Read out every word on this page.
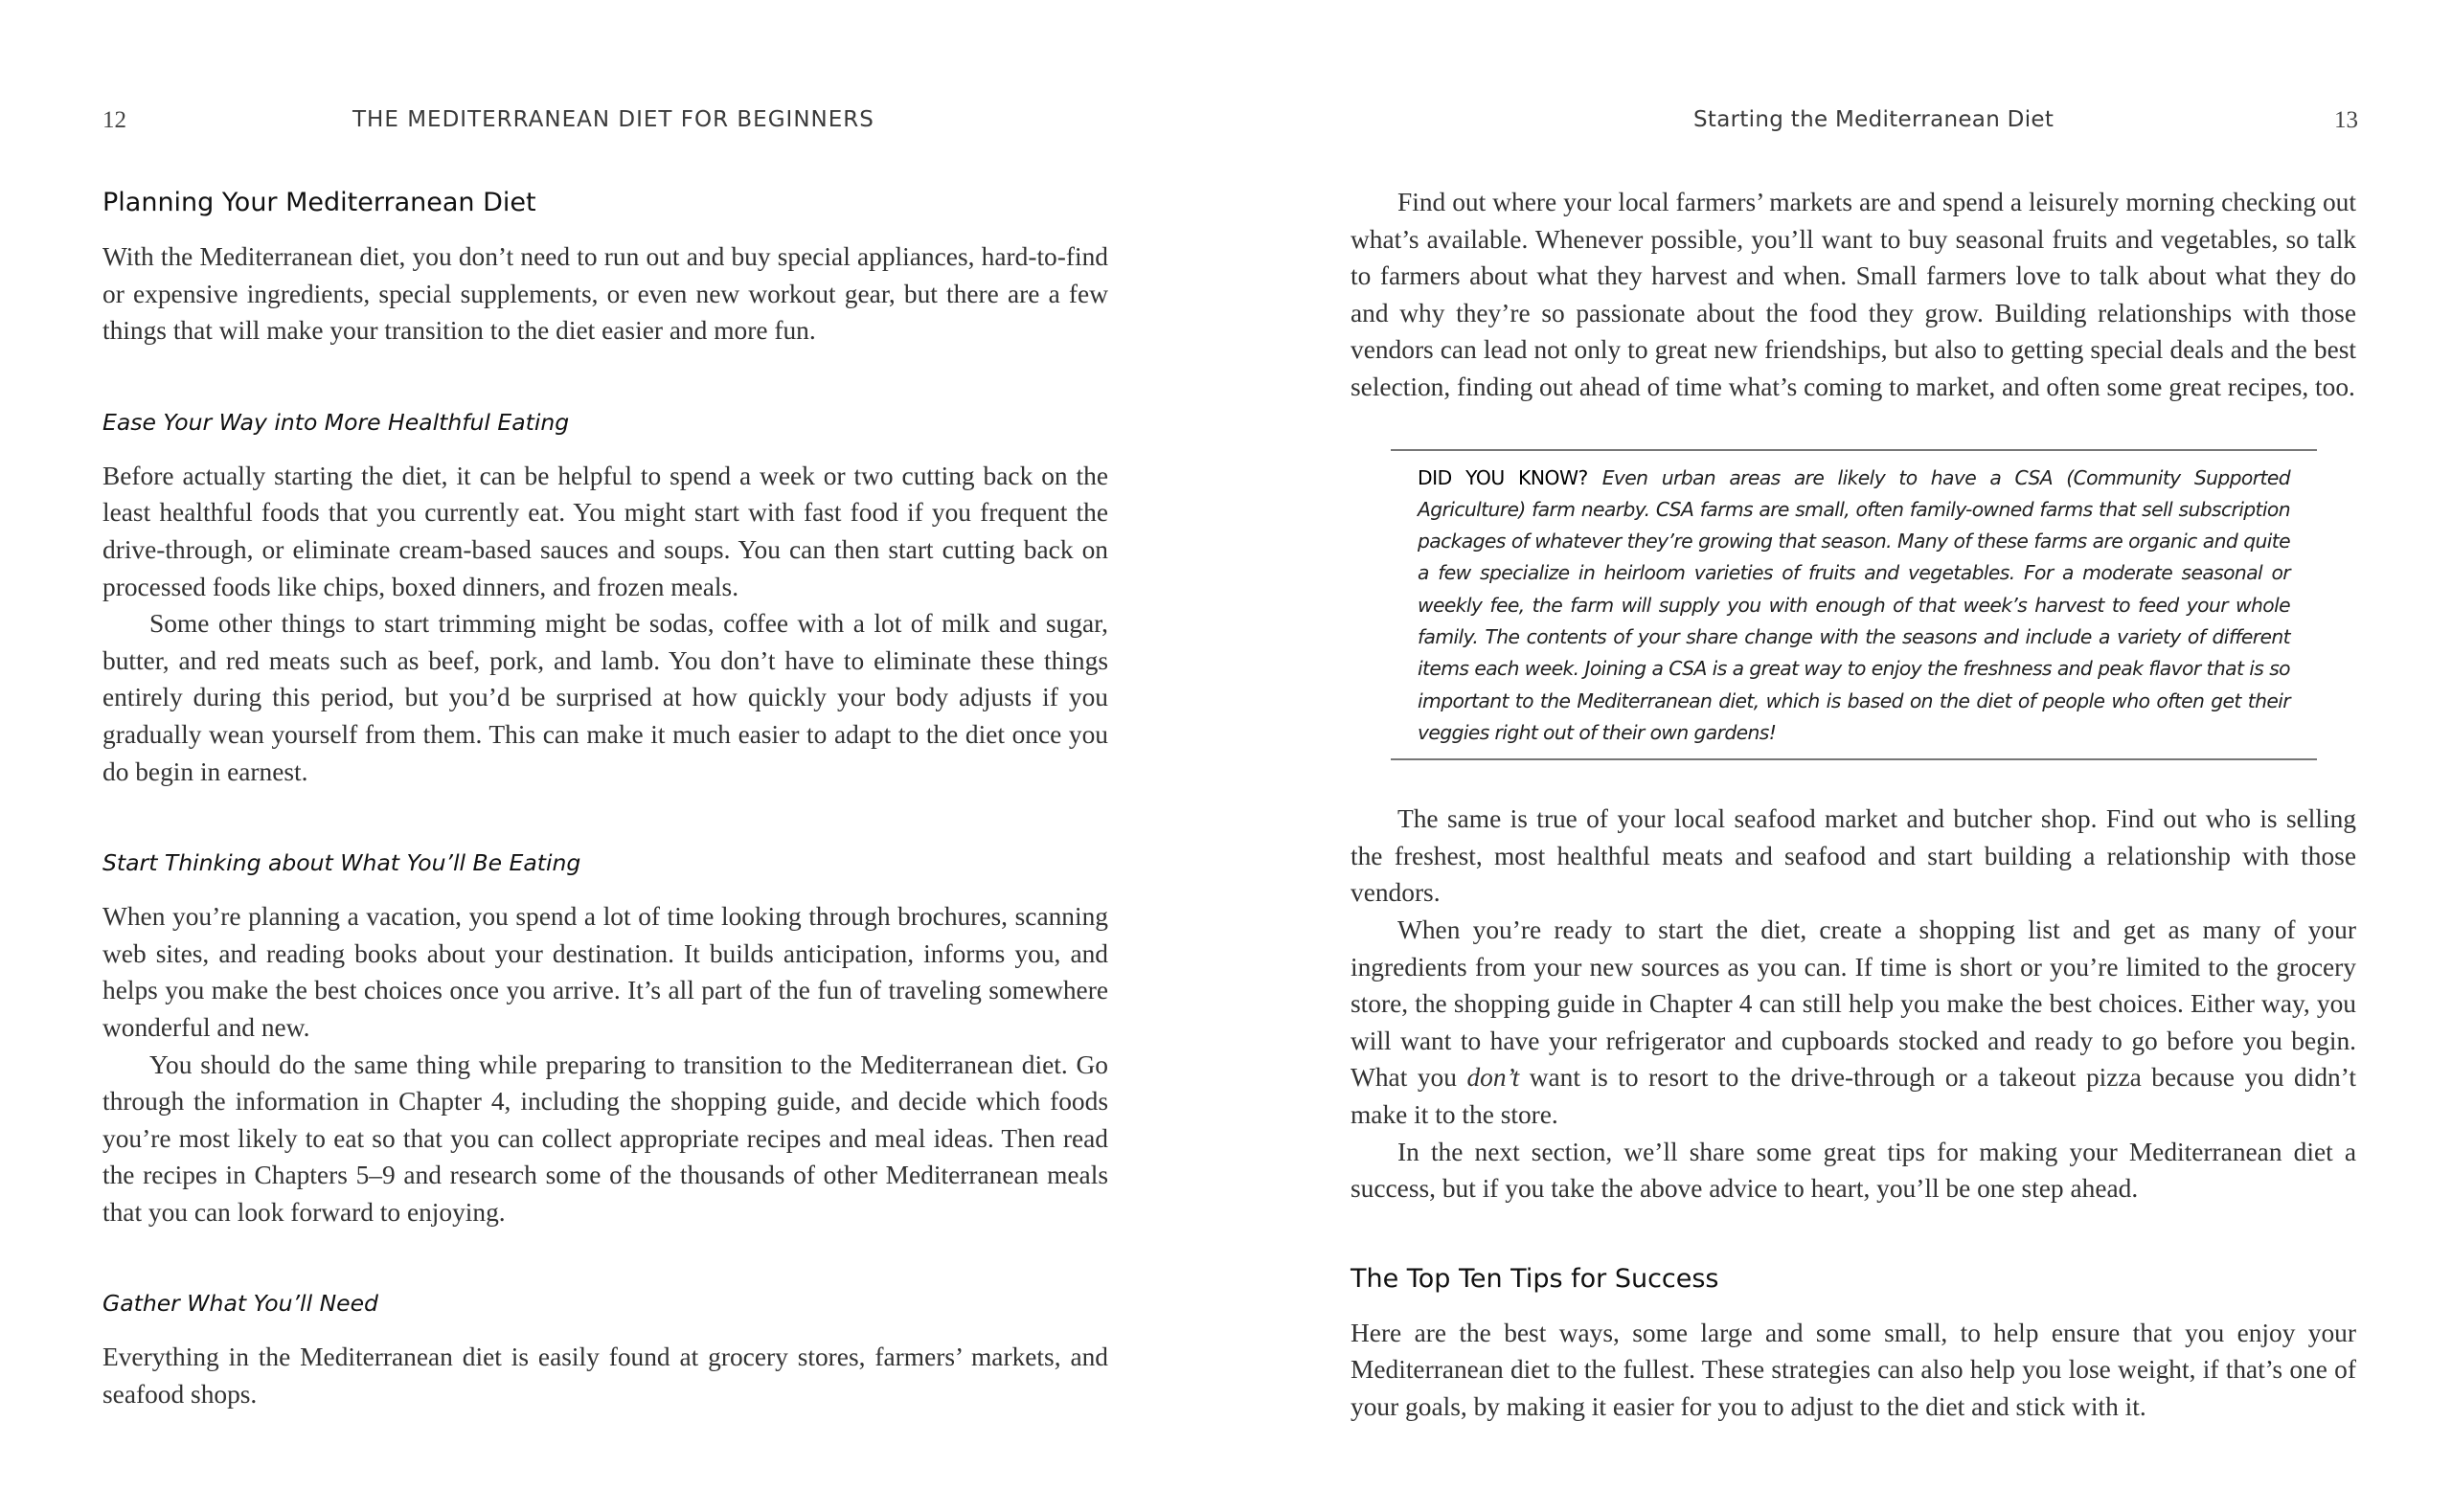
12	THE MEDITERRANEAN DIET FOR BEGINNERS
Planning Your Mediterranean Diet

With the Mediterranean diet, you don’t need to run out and buy special appliances, hard-to-find or expensive ingredients, special supplements, or even new workout gear, but there are a few things that will make your transition to the diet easier and more fun.

Ease Your Way into More Healthful Eating

Before actually starting the diet, it can be helpful to spend a week or two cutting back on the least healthful foods that you currently eat. You might start with fast food if you frequent the drive-through, or eliminate cream-based sauces and soups. You can then start cutting back on processed foods like chips, boxed dinners, and frozen meals.

Some other things to start trimming might be sodas, coffee with a lot of milk and sugar, butter, and red meats such as beef, pork, and lamb. You don’t have to eliminate these things entirely during this period, but you’d be surprised at how quickly your body adjusts if you gradually wean yourself from them. This can make it much easier to adapt to the diet once you do begin in earnest.

Start Thinking about What You’ll Be Eating

When you’re planning a vacation, you spend a lot of time looking through brochures, scanning web sites, and reading books about your destination. It builds anticipation, informs you, and helps you make the best choices once you arrive. It’s all part of the fun of traveling somewhere wonderful and new.

You should do the same thing while preparing to transition to the Mediterranean diet. Go through the information in Chapter 4, including the shopping guide, and decide which foods you’re most likely to eat so that you can collect appropriate recipes and meal ideas. Then read the recipes in Chapters 5–9 and research some of the thousands of other Mediterranean meals that you can look forward to enjoying.

Gather What You’ll Need

Everything in the Mediterranean diet is easily found at grocery stores, farmers’ markets, and seafood shops.

Starting the Mediterranean Diet	13

Find out where your local farmers’ markets are and spend a leisurely morning checking out what’s available. Whenever possible, you’ll want to buy seasonal fruits and vegetables, so talk to farmers about what they harvest and when. Small farmers love to talk about what they do and why they’re so passionate about the food they grow. Building relationships with those vendors can lead not only to great new friendships, but also to getting special deals and the best selection, finding out ahead of time what’s coming to market, and often some great recipes, too.

DID YOU KNOW? Even urban areas are likely to have a CSA (Community Supported Agriculture) farm nearby. CSA farms are small, often family-owned farms that sell subscription packages of whatever they’re growing that season. Many of these farms are organic and quite a few specialize in heirloom varieties of fruits and vegetables. For a moderate seasonal or weekly fee, the farm will supply you with enough of that week’s harvest to feed your whole family. The contents of your share change with the seasons and include a variety of different items each week. Joining a CSA is a great way to enjoy the freshness and peak flavor that is so important to the Mediterranean diet, which is based on the diet of people who often get their veggies right out of their own gardens!

The same is true of your local seafood market and butcher shop. Find out who is selling the freshest, most healthful meats and seafood and start building a relationship with those vendors.

When you’re ready to start the diet, create a shopping list and get as many of your ingredients from your new sources as you can. If time is short or you’re limited to the grocery store, the shopping guide in Chapter 4 can still help you make the best choices. Either way, you will want to have your refrigerator and cupboards stocked and ready to go before you begin. What you don’t want is to resort to the drive-through or a takeout pizza because you didn’t make it to the store.

In the next section, we’ll share some great tips for making your Mediterranean diet a success, but if you take the above advice to heart, you’ll be one step ahead.

The Top Ten Tips for Success

Here are the best ways, some large and some small, to help ensure that you enjoy your Mediterranean diet to the fullest. These strategies can also help you lose weight, if that’s one of your goals, by making it easier for you to adjust to the diet and stick with it.
